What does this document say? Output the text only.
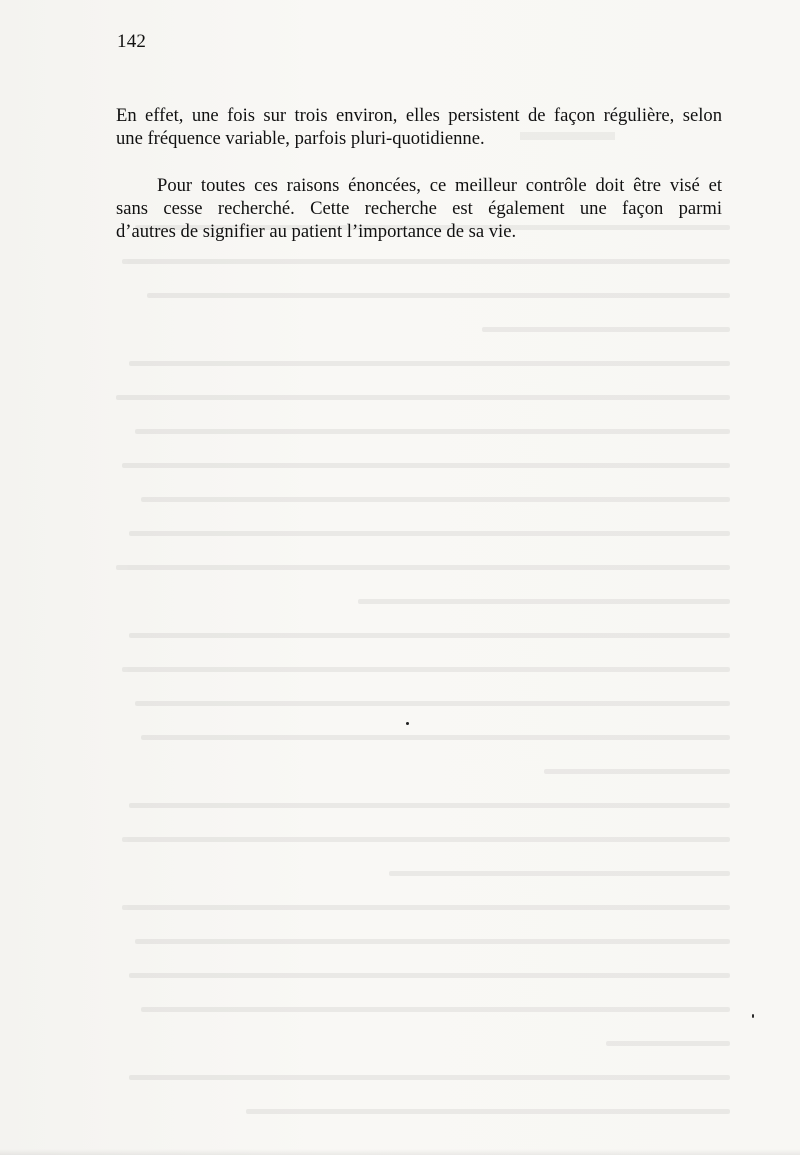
142

En effet, une fois sur trois environ, elles persistent de façon régulière, selon
une fréquence variable, parfois pluri-quotidienne.

Pour toutes ces raisons énoncées, ce meilleur contrôle doit être visé et
sans cesse recherché. Cette recherche est également une façon parmi
d’autres de signifier au patient l’importance de sa vie.
